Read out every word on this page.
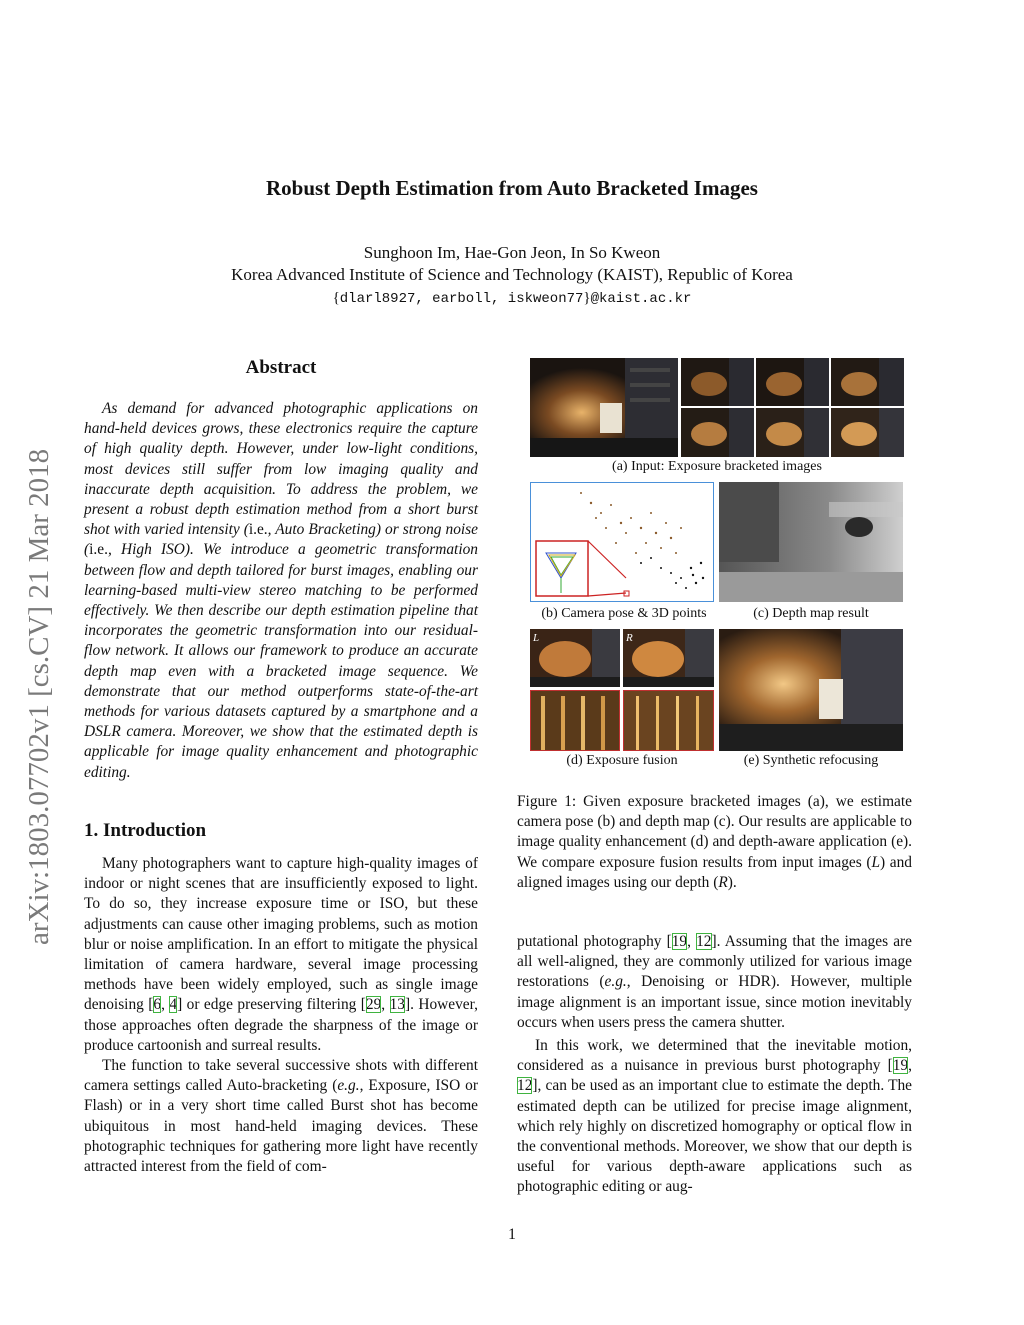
Robust Depth Estimation from Auto Bracketed Images
Sunghoon Im, Hae-Gon Jeon, In So Kweon
Korea Advanced Institute of Science and Technology (KAIST), Republic of Korea
{dlarl8927, earboll, iskweon77}@kaist.ac.kr
arXiv:1803.07702v1 [cs.CV] 21 Mar 2018
Abstract

As demand for advanced photographic applications on hand-held devices grows, these electronics require the capture of high quality depth. However, under low-light conditions, most devices still suffer from low imaging quality and inaccurate depth acquisition. To address the problem, we present a robust depth estimation method from a short burst shot with varied intensity (i.e., Auto Bracketing) or strong noise (i.e., High ISO). We introduce a geometric transformation between flow and depth tailored for burst images, enabling our learning-based multi-view stereo matching to be performed effectively. We then describe our depth estimation pipeline that incorporates the geometric transformation into our residual-flow network. It allows our framework to produce an accurate depth map even with a bracketed image sequence. We demonstrate that our method outperforms state-of-the-art methods for various datasets captured by a smartphone and a DSLR camera. Moreover, we show that the estimated depth is applicable for image quality enhancement and photographic editing.

1. Introduction

Many photographers want to capture high-quality images of indoor or night scenes that are insufficiently exposed to light. To do so, they increase exposure time or ISO, but these adjustments can cause other imaging problems, such as motion blur or noise amplification. In an effort to mitigate the physical limitation of camera hardware, several image processing methods have been widely employed, such as single image denoising [6, 4] or edge preserving filtering [29, 13]. However, those approaches often degrade the sharpness of the image or produce cartoonish and surreal results.

The function to take several successive shots with different camera settings called Auto-bracketing (e.g., Exposure, ISO or Flash) or in a very short time called Burst shot has become ubiquitous in most hand-held imaging devices. These photographic techniques for gathering more light have recently attracted interest from the field of com-

(a) Input: Exposure bracketed images
(b) Camera pose & 3D points	(c) Depth map result
L	R
(d) Exposure fusion	(e) Synthetic refocusing

Figure 1: Given exposure bracketed images (a), we estimate camera pose (b) and depth map (c). Our results are applicable to image quality enhancement (d) and depth-aware application (e). We compare exposure fusion results from input images (L) and aligned images using our depth (R).

putational photography [19, 12]. Assuming that the images are all well-aligned, they are commonly utilized for various image restorations (e.g., Denoising or HDR). However, multiple image alignment is an important issue, since motion inevitably occurs when users press the camera shutter.

In this work, we determined that the inevitable motion, considered as a nuisance in previous burst photography [19, 12], can be used as an important clue to estimate the depth. The estimated depth can be utilized for precise image alignment, which rely highly on discretized homography or optical flow in the conventional methods. Moreover, we show that our depth is useful for various depth-aware applications such as photographic editing or aug-

1
